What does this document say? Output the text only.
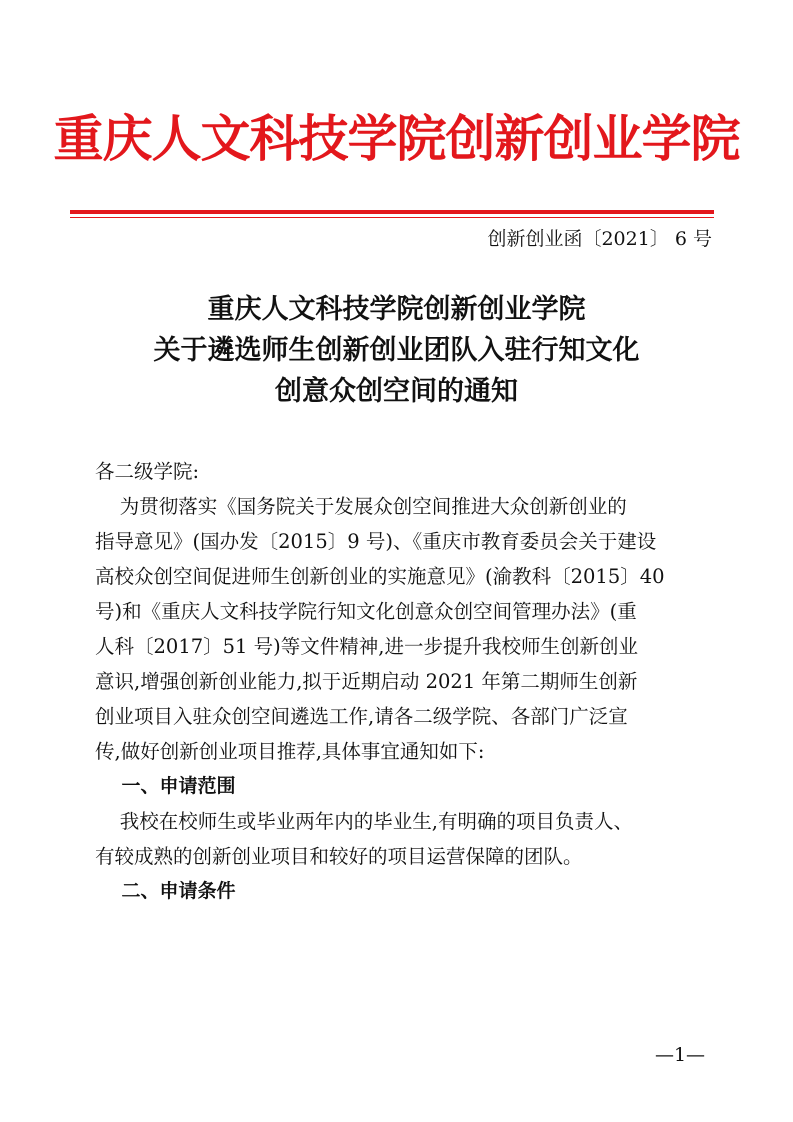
重庆人文科技学院创新创业学院
创新创业函〔2021〕 6 号
重庆人文科技学院创新创业学院
关于遴选师生创新创业团队入驻行知文化
创意众创空间的通知
各二级学院:
为贯彻落实《国务院关于发展众创空间推进大众创新创业的
指导意见》(国办发〔2015〕9 号)、《重庆市教育委员会关于建设
高校众创空间促进师生创新创业的实施意见》(渝教科〔2015〕40
号)和《重庆人文科技学院行知文化创意众创空间管理办法》(重
人科〔2017〕51 号)等文件精神,进一步提升我校师生创新创业
意识,增强创新创业能力,拟于近期启动 2021 年第二期师生创新
创业项目入驻众创空间遴选工作,请各二级学院、各部门广泛宣
传,做好创新创业项目推荐,具体事宜通知如下:
一、申请范围
我校在校师生或毕业两年内的毕业生,有明确的项目负责人、
有较成熟的创新创业项目和较好的项目运营保障的团队。
二、申请条件
—1—
